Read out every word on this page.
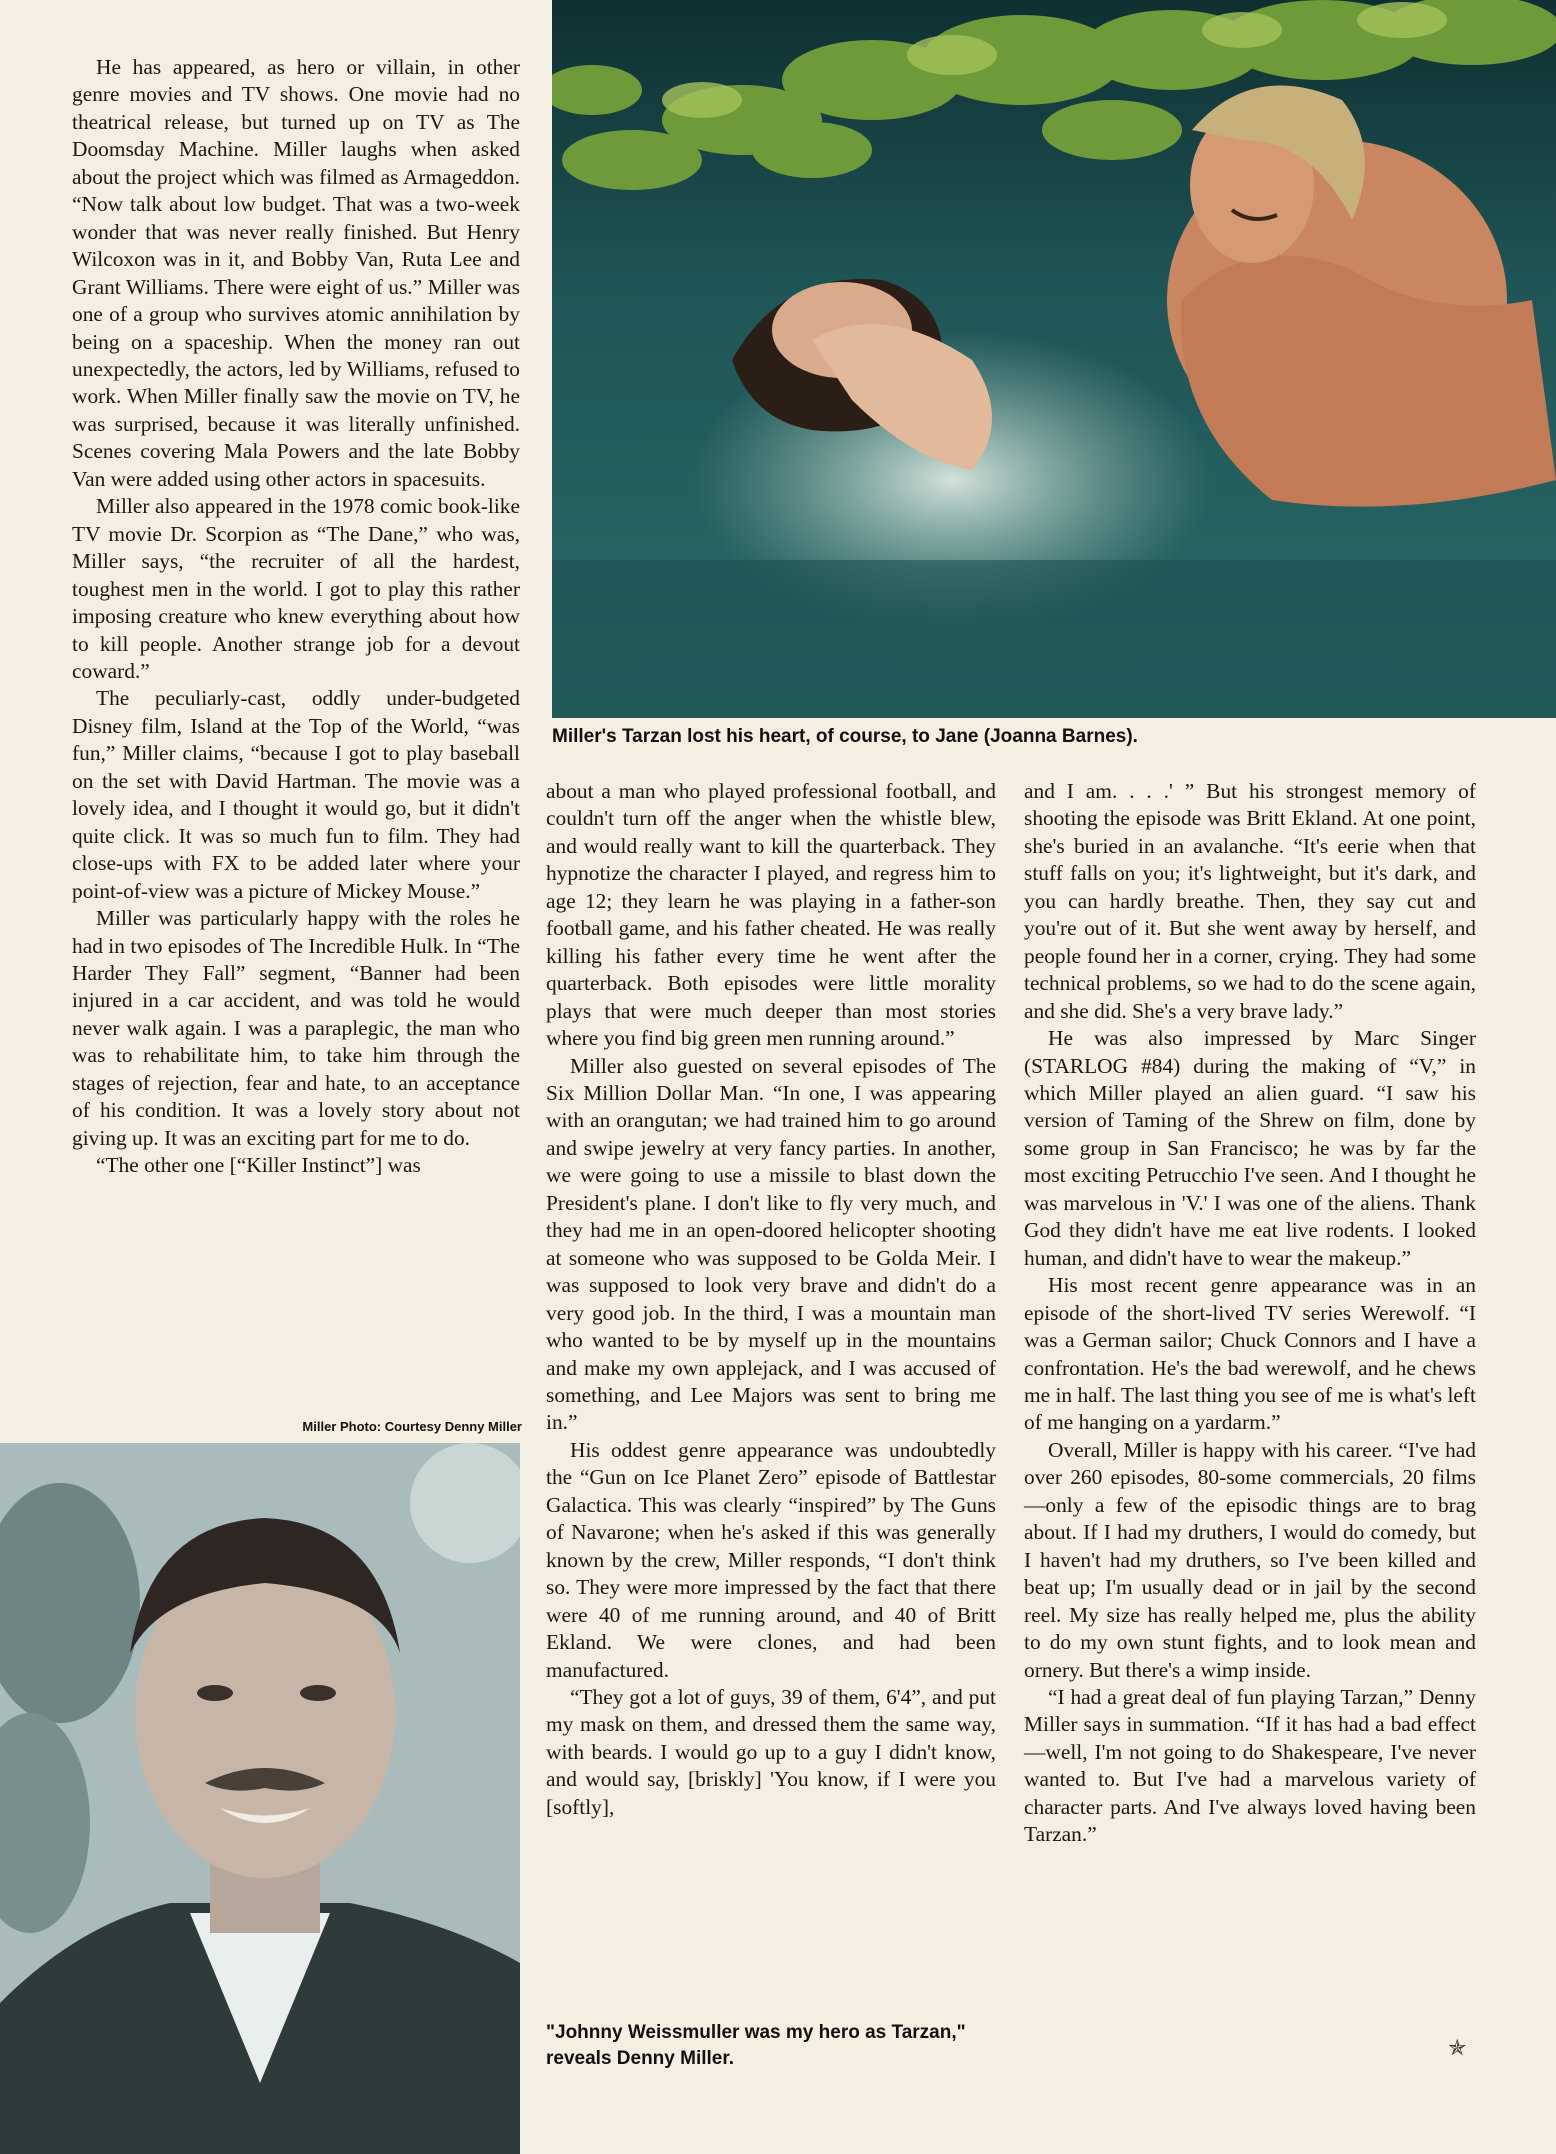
Miller's Tarzan lost his heart, of course, to Jane (Joanna Barnes).

He has appeared, as hero or villain, in other genre movies and TV shows. One movie had no theatrical release, but turned up on TV as The Doomsday Machine. Miller laughs when asked about the project which was filmed as Armageddon. “Now talk about low budget. That was a two-week wonder that was never really finished. But Henry Wilcoxon was in it, and Bobby Van, Ruta Lee and Grant Williams. There were eight of us.” Miller was one of a group who survives atomic annihilation by being on a spaceship. When the money ran out unexpectedly, the actors, led by Williams, refused to work. When Miller finally saw the movie on TV, he was surprised, because it was literally unfinished. Scenes covering Mala Powers and the late Bobby Van were added using other actors in spacesuits.

Miller also appeared in the 1978 comic book-like TV movie Dr. Scorpion as “The Dane,” who was, Miller says, “the recruiter of all the hardest, toughest men in the world. I got to play this rather imposing creature who knew everything about how to kill people. Another strange job for a devout coward.”

The peculiarly-cast, oddly under-budgeted Disney film, Island at the Top of the World, “was fun,” Miller claims, “because I got to play baseball on the set with David Hartman. The movie was a lovely idea, and I thought it would go, but it didn't quite click. It was so much fun to film. They had close-ups with FX to be added later where your point-of-view was a picture of Mickey Mouse.”

Miller was particularly happy with the roles he had in two episodes of The Incredible Hulk. In “The Harder They Fall” segment, “Banner had been injured in a car accident, and was told he would never walk again. I was a paraplegic, the man who was to rehabilitate him, to take him through the stages of rejection, fear and hate, to an acceptance of his condition. It was a lovely story about not giving up. It was an exciting part for me to do.

“The other one [“Killer Instinct”] was

Miller Photo: Courtesy Denny Miller

about a man who played professional football, and couldn't turn off the anger when the whistle blew, and would really want to kill the quarterback. They hypnotize the character I played, and regress him to age 12; they learn he was playing in a father-son football game, and his father cheated. He was really killing his father every time he went after the quarterback. Both episodes were little morality plays that were much deeper than most stories where you find big green men running around.”

Miller also guested on several episodes of The Six Million Dollar Man. “In one, I was appearing with an orangutan; we had trained him to go around and swipe jewelry at very fancy parties. In another, we were going to use a missile to blast down the President's plane. I don't like to fly very much, and they had me in an open-doored helicopter shooting at someone who was supposed to be Golda Meir. I was supposed to look very brave and didn't do a very good job. In the third, I was a mountain man who wanted to be by myself up in the mountains and make my own applejack, and I was accused of something, and Lee Majors was sent to bring me in.”

His oddest genre appearance was undoubtedly the “Gun on Ice Planet Zero” episode of Battlestar Galactica. This was clearly “inspired” by The Guns of Navarone; when he's asked if this was generally known by the crew, Miller responds, “I don't think so. They were more impressed by the fact that there were 40 of me running around, and 40 of Britt Ekland. We were clones, and had been manufactured.

“They got a lot of guys, 39 of them, 6'4”, and put my mask on them, and dressed them the same way, with beards. I would go up to a guy I didn't know, and would say, [briskly] 'You know, if I were you [softly],

"Johnny Weissmuller was my hero as Tarzan," reveals Denny Miller.

and I am. . . .' ” But his strongest memory of shooting the episode was Britt Ekland. At one point, she's buried in an avalanche. “It's eerie when that stuff falls on you; it's lightweight, but it's dark, and you can hardly breathe. Then, they say cut and you're out of it. But she went away by herself, and people found her in a corner, crying. They had some technical problems, so we had to do the scene again, and she did. She's a very brave lady.”

He was also impressed by Marc Singer (STARLOG #84) during the making of “V,” in which Miller played an alien guard. “I saw his version of Taming of the Shrew on film, done by some group in San Francisco; he was by far the most exciting Petrucchio I've seen. And I thought he was marvelous in 'V.' I was one of the aliens. Thank God they didn't have me eat live rodents. I looked human, and didn't have to wear the makeup.”

His most recent genre appearance was in an episode of the short-lived TV series Werewolf. “I was a German sailor; Chuck Connors and I have a confrontation. He's the bad werewolf, and he chews me in half. The last thing you see of me is what's left of me hanging on a yardarm.”

Overall, Miller is happy with his career. “I've had over 260 episodes, 80-some commercials, 20 films—only a few of the episodic things are to brag about. If I had my druthers, I would do comedy, but I haven't had my druthers, so I've been killed and beat up; I'm usually dead or in jail by the second reel. My size has really helped me, plus the ability to do my own stunt fights, and to look mean and ornery. But there's a wimp inside.

“I had a great deal of fun playing Tarzan,” Denny Miller says in summation. “If it has had a bad effect—well, I'm not going to do Shakespeare, I've never wanted to. But I've had a marvelous variety of character parts. And I've always loved having been Tarzan.”

✯
